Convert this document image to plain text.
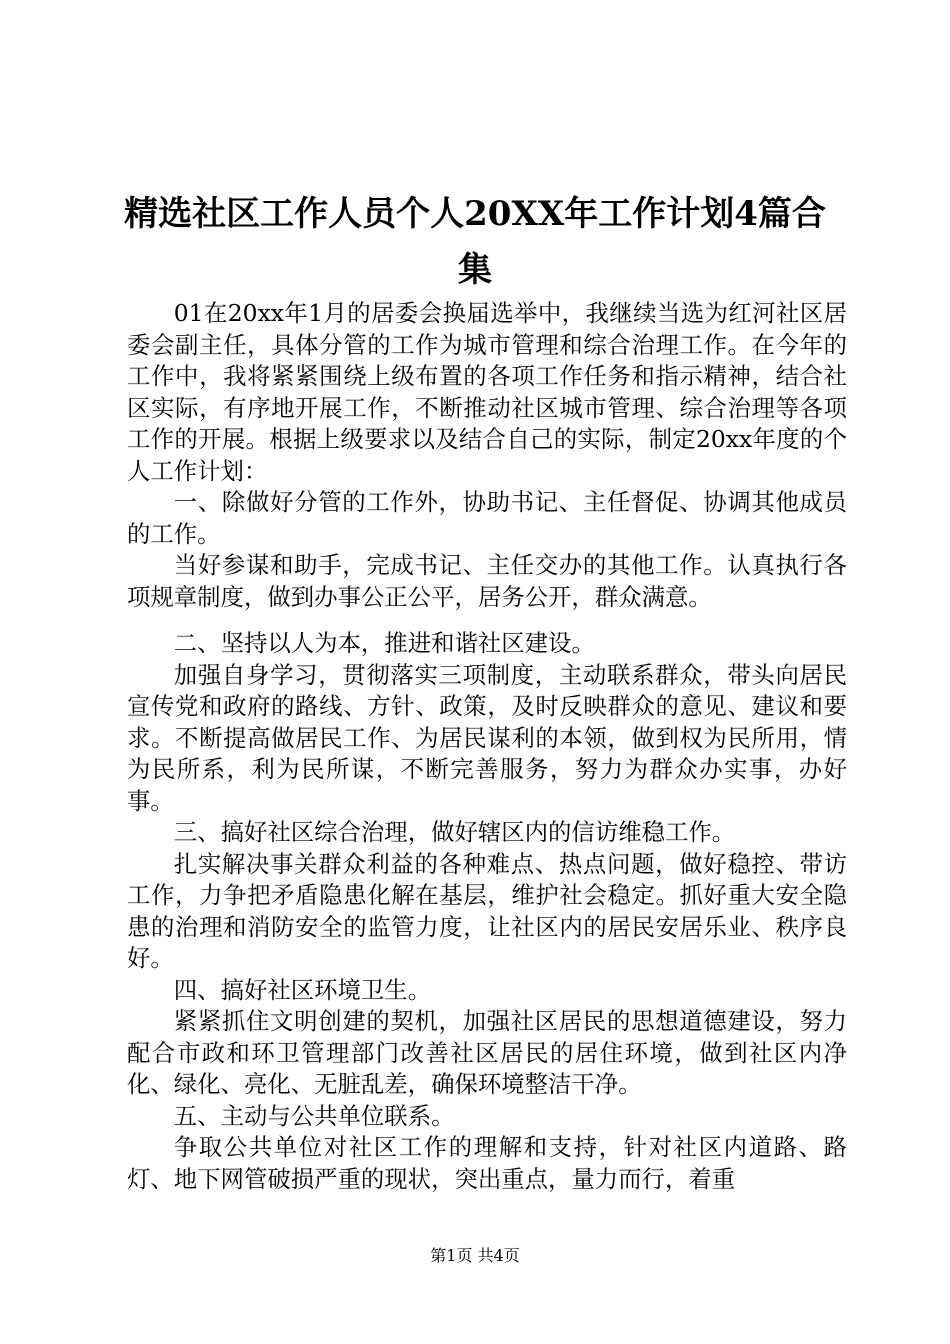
精选社区工作人员个人20XX年工作计划4篇合集

01在20xx年1月的居委会换届选举中，我继续当选为红河社区居委会副主任，具体分管的工作为城市管理和综合治理工作。在今年的工作中，我将紧紧围绕上级布置的各项工作任务和指示精神，结合社区实际，有序地开展工作，不断推动社区城市管理、综合治理等各项工作的开展。根据上级要求以及结合自己的实际，制定20xx年度的个人工作计划：

一、除做好分管的工作外，协助书记、主任督促、协调其他成员的工作。

当好参谋和助手，完成书记、主任交办的其他工作。认真执行各项规章制度，做到办事公正公平，居务公开，群众满意。

二、坚持以人为本，推进和谐社区建设。

加强自身学习，贯彻落实三项制度，主动联系群众，带头向居民宣传党和政府的路线、方针、政策，及时反映群众的意见、建议和要求。不断提高做居民工作、为居民谋利的本领，做到权为民所用，情为民所系，利为民所谋，不断完善服务，努力为群众办实事，办好事。

三、搞好社区综合治理，做好辖区内的信访维稳工作。

扎实解决事关群众利益的各种难点、热点问题，做好稳控、带访工作，力争把矛盾隐患化解在基层，维护社会稳定。抓好重大安全隐患的治理和消防安全的监管力度，让社区内的居民安居乐业、秩序良好。

四、搞好社区环境卫生。

紧紧抓住文明创建的契机，加强社区居民的思想道德建设，努力配合市政和环卫管理部门改善社区居民的居住环境，做到社区内净化、绿化、亮化、无脏乱差，确保环境整洁干净。

五、主动与公共单位联系。

争取公共单位对社区工作的理解和支持，针对社区内道路、路灯、地下网管破损严重的现状，突出重点，量力而行，着重

第1页 共4页
